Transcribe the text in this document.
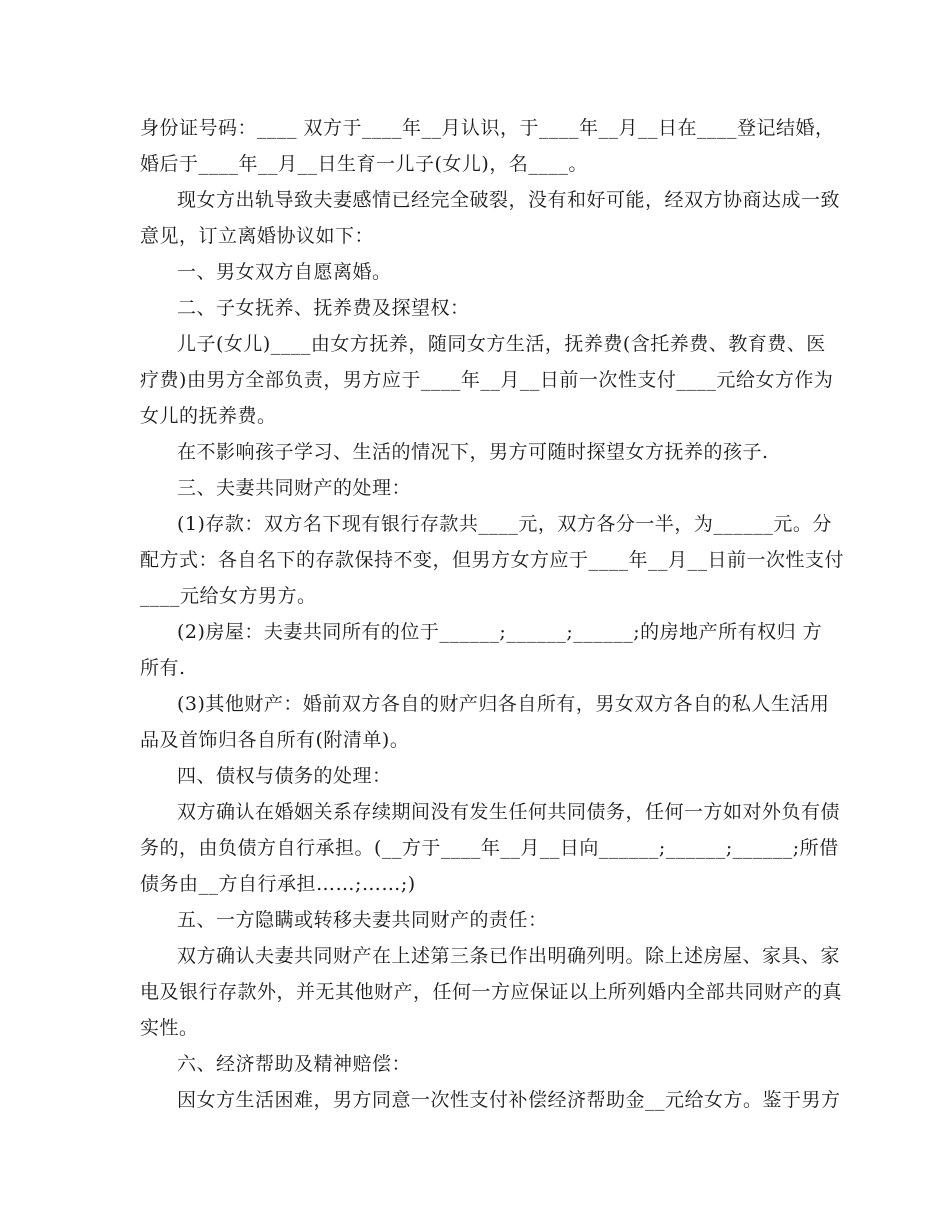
身份证号码：____ 双方于____年__月认识，于____年__月__日在____登记结婚，
婚后于____年__月__日生育一儿子(女儿)，名____。
现女方出轨导致夫妻感情已经完全破裂，没有和好可能，经双方协商达成一致
意见，订立离婚协议如下：
一、男女双方自愿离婚。
二、子女抚养、抚养费及探望权：
儿子(女儿)____由女方抚养，随同女方生活，抚养费(含托养费、教育费、医
疗费)由男方全部负责，男方应于____年__月__日前一次性支付____元给女方作为
女儿的抚养费。
在不影响孩子学习、生活的情况下，男方可随时探望女方抚养的孩子.
三、夫妻共同财产的处理：
(1)存款：双方名下现有银行存款共____元，双方各分一半，为______元。分
配方式：各自名下的存款保持不变，但男方女方应于____年__月__日前一次性支付
____元给女方男方。
(2)房屋：夫妻共同所有的位于______;______;______;的房地产所有权归 方
所有.
(3)其他财产：婚前双方各自的财产归各自所有，男女双方各自的私人生活用
品及首饰归各自所有(附清单)。
四、债权与债务的处理：
双方确认在婚姻关系存续期间没有发生任何共同债务，任何一方如对外负有债
务的，由负债方自行承担。(__方于____年__月__日向______;______;______;所借
债务由__方自行承担……;……;)
五、一方隐瞒或转移夫妻共同财产的责任：
双方确认夫妻共同财产在上述第三条已作出明确列明。除上述房屋、家具、家
电及银行存款外，并无其他财产，任何一方应保证以上所列婚内全部共同财产的真
实性。
六、经济帮助及精神赔偿：
因女方生活困难，男方同意一次性支付补偿经济帮助金__元给女方。鉴于男方
